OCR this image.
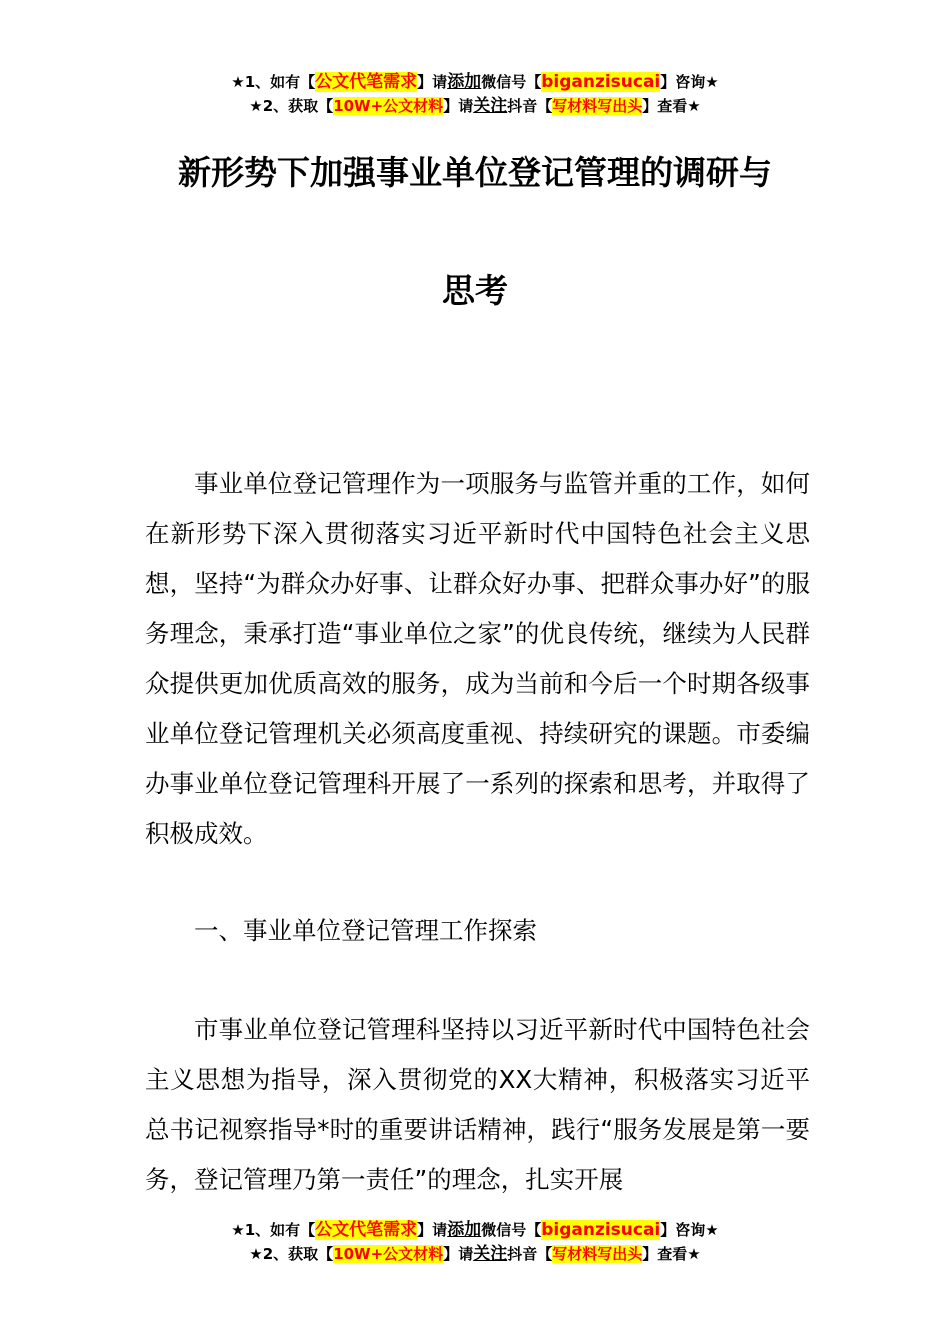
★1、如有【公文代笔需求】请添加微信号【biganzisucai】咨询★
★2、获取【10W+公文材料】请关注抖音【写材料写出头】查看★
新形势下加强事业单位登记管理的调研与
思考

事业单位登记管理作为一项服务与监管并重的工作，如何在新形势下深入贯彻落实习近平新时代中国特色社会主义思想，坚持“为群众办好事、让群众好办事、把群众事办好”的服务理念，秉承打造“事业单位之家”的优良传统，继续为人民群众提供更加优质高效的服务，成为当前和今后一个时期各级事业单位登记管理机关必须高度重视、持续研究的课题。市委编办事业单位登记管理科开展了一系列的探索和思考，并取得了积极成效。

一、事业单位登记管理工作探索

市事业单位登记管理科坚持以习近平新时代中国特色社会主义思想为指导，深入贯彻党的XX大精神，积极落实习近平总书记视察指导*时的重要讲话精神，践行“服务发展是第一要务，登记管理乃第一责任”的理念，扎实开展

★1、如有【公文代笔需求】请添加微信号【biganzisucai】咨询★
★2、获取【10W+公文材料】请关注抖音【写材料写出头】查看★
